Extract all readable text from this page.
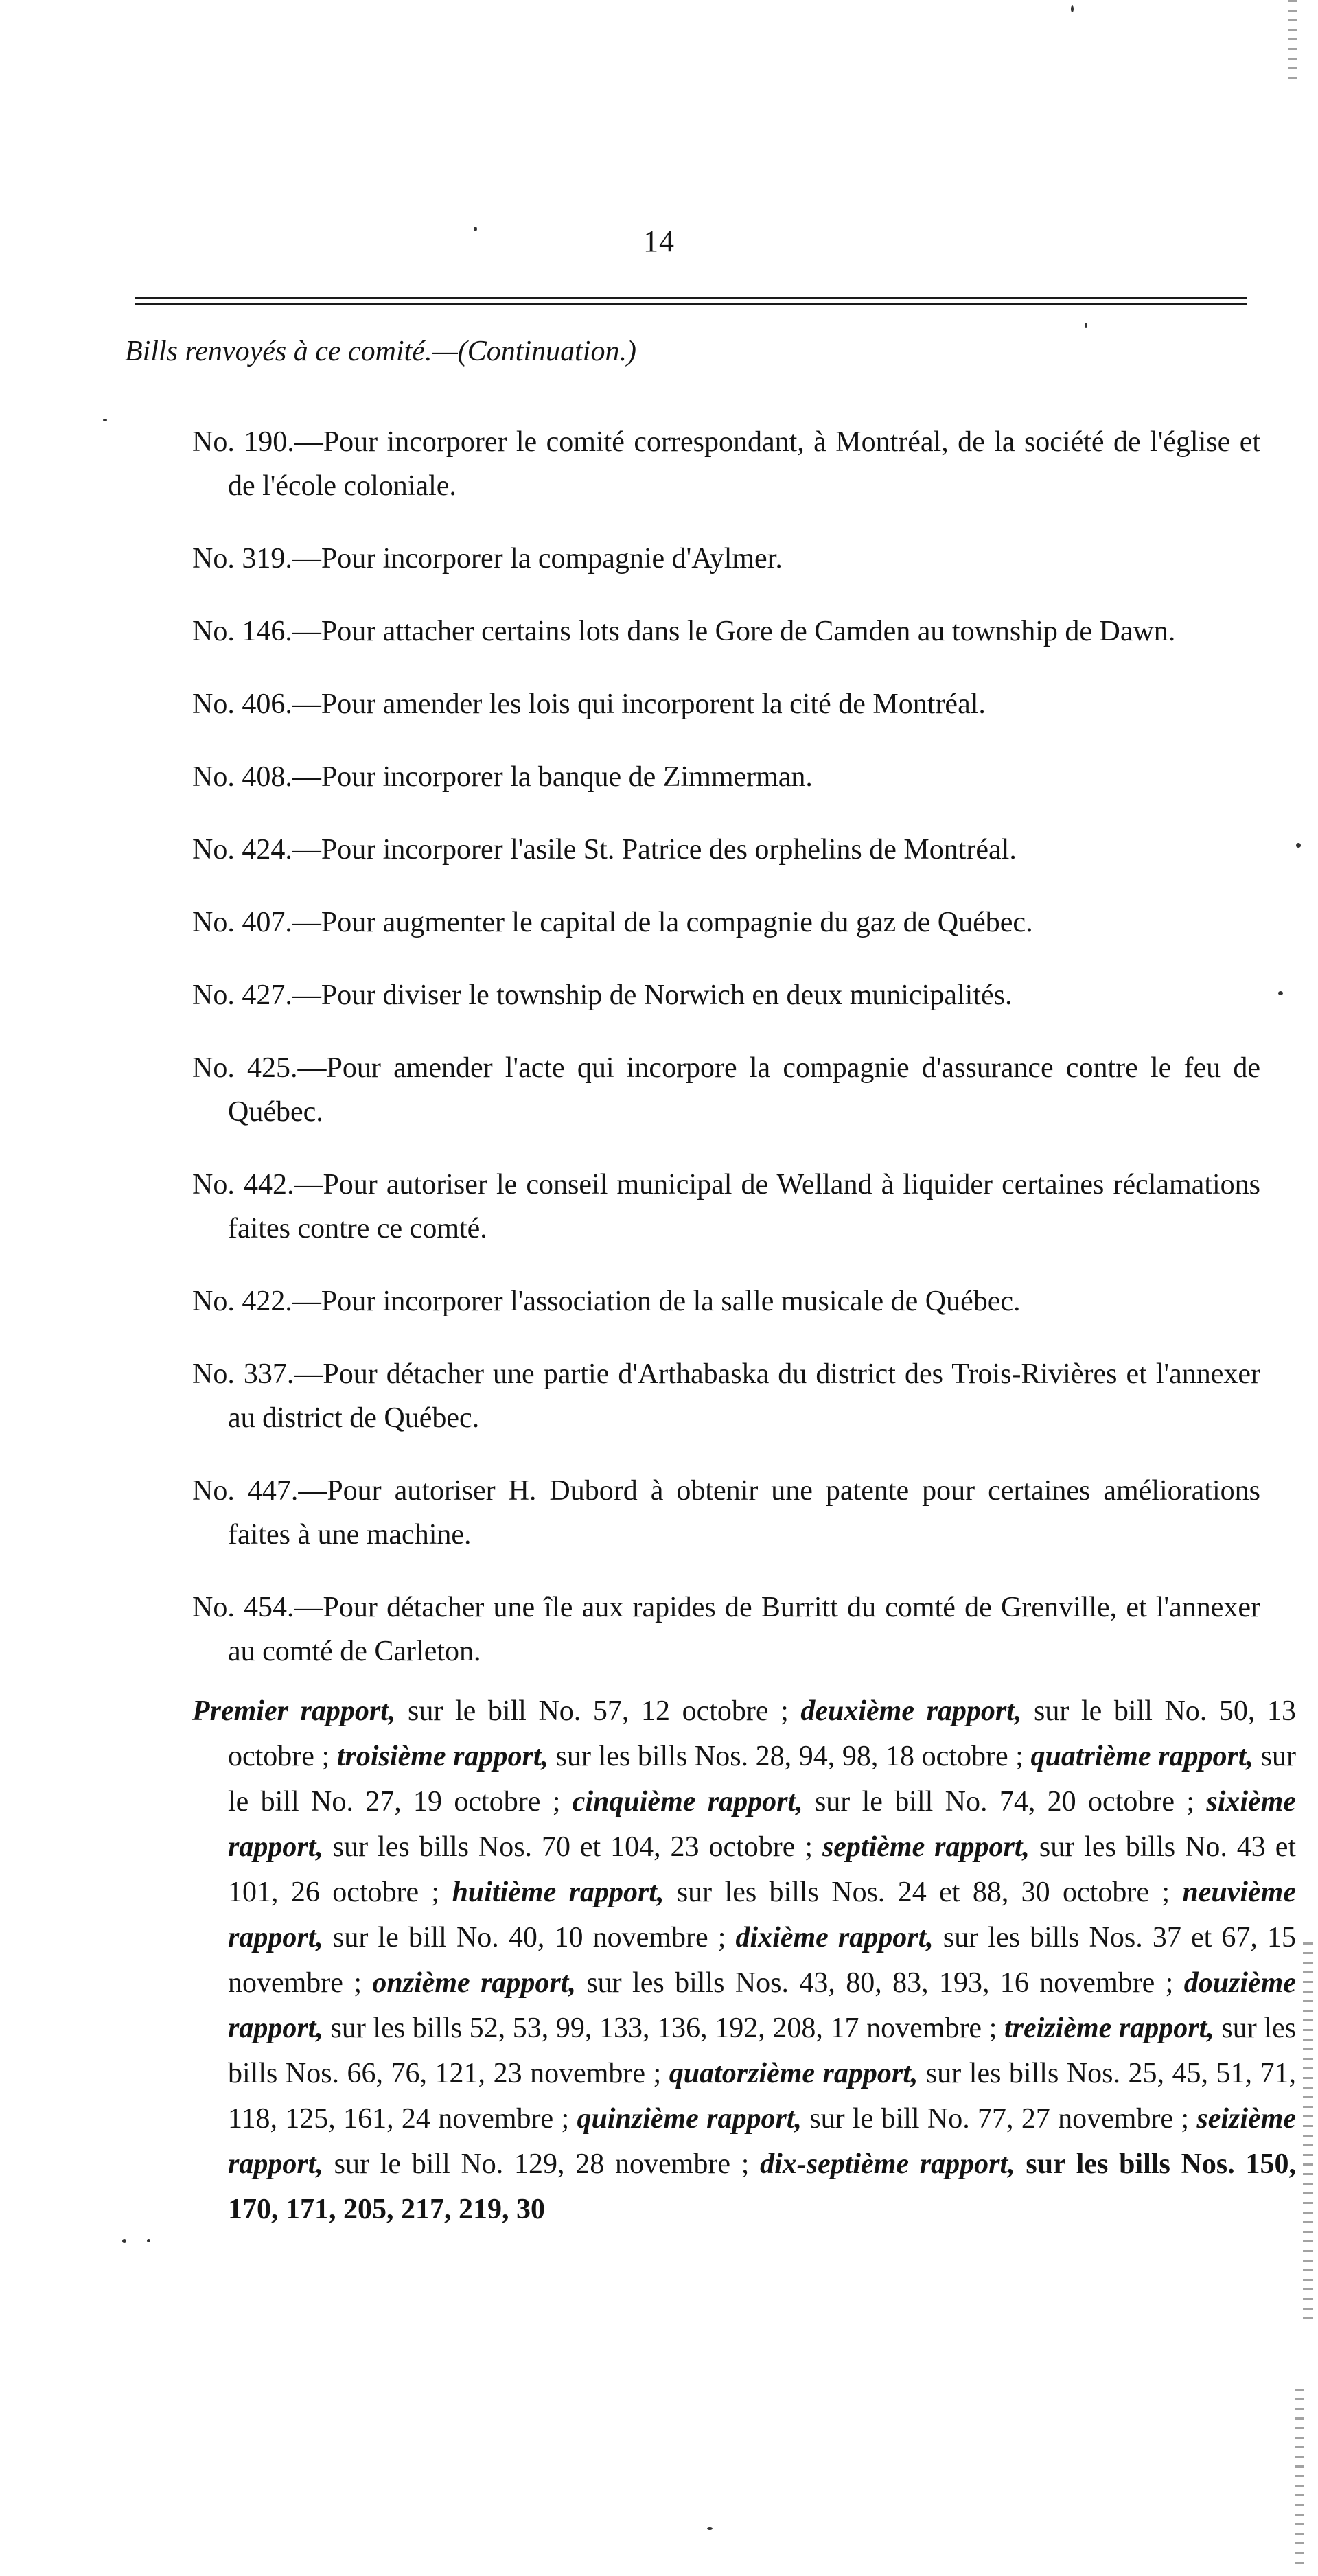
14
Bills renvoyés à ce comité.—(Continuation.)

No. 190.—Pour incorporer le comité correspondant, à Montréal, de la société de l'église et de l'école coloniale.

No. 319.—Pour incorporer la compagnie d'Aylmer.

No. 146.—Pour attacher certains lots dans le Gore de Camden au township de Dawn.

No. 406.—Pour amender les lois qui incorporent la cité de Montréal.

No. 408.—Pour incorporer la banque de Zimmerman.

No. 424.—Pour incorporer l'asile St. Patrice des orphelins de Montréal.

No. 407.—Pour augmenter le capital de la compagnie du gaz de Québec.

No. 427.—Pour diviser le township de Norwich en deux municipalités.

No. 425.—Pour amender l'acte qui incorpore la compagnie d'assurance contre le feu de Québec.

No. 442.—Pour autoriser le conseil municipal de Welland à liquider certaines réclamations faites contre ce comté.

No. 422.—Pour incorporer l'association de la salle musicale de Québec.

No. 337.—Pour détacher une partie d'Arthabaska du district des Trois-Rivières et l'annexer au district de Québec.

No. 447.—Pour autoriser H. Dubord à obtenir une patente pour certaines améliorations faites à une machine.

No. 454.—Pour détacher une île aux rapides de Burritt du comté de Grenville, et l'annexer au comté de Carleton.

Premier rapport, sur le bill No. 57, 12 octobre ; deuxième rapport, sur le bill No. 50, 13 octobre ; troisième rapport, sur les bills Nos. 28, 94, 98, 18 octobre ; quatrième rapport, sur le bill No. 27, 19 octobre ; cinquième rapport, sur le bill No. 74, 20 octobre ; sixième rapport, sur les bills Nos. 70 et 104, 23 octobre ; septième rapport, sur les bills No. 43 et 101, 26 octobre ; huitième rapport, sur les bills Nos. 24 et 88, 30 octobre ; neuvième rapport, sur le bill No. 40, 10 novembre ; dixième rapport, sur les bills Nos. 37 et 67, 15 novembre ; onzième rapport, sur les bills Nos. 43, 80, 83, 193, 16 novembre ; douzième rapport, sur les bills 52, 53, 99, 133, 136, 192, 208, 17 novembre ; treizième rapport, sur les bills Nos. 66, 76, 121, 23 novembre ; quatorzième rapport, sur les bills Nos. 25, 45, 51, 71, 118, 125, 161, 24 novembre ; quinzième rapport, sur le bill No. 77, 27 novembre ; seizième rapport, sur le bill No. 129, 28 novembre ; dix-septième rapport, sur les bills Nos. 150, 170, 171, 205, 217, 219, 30
